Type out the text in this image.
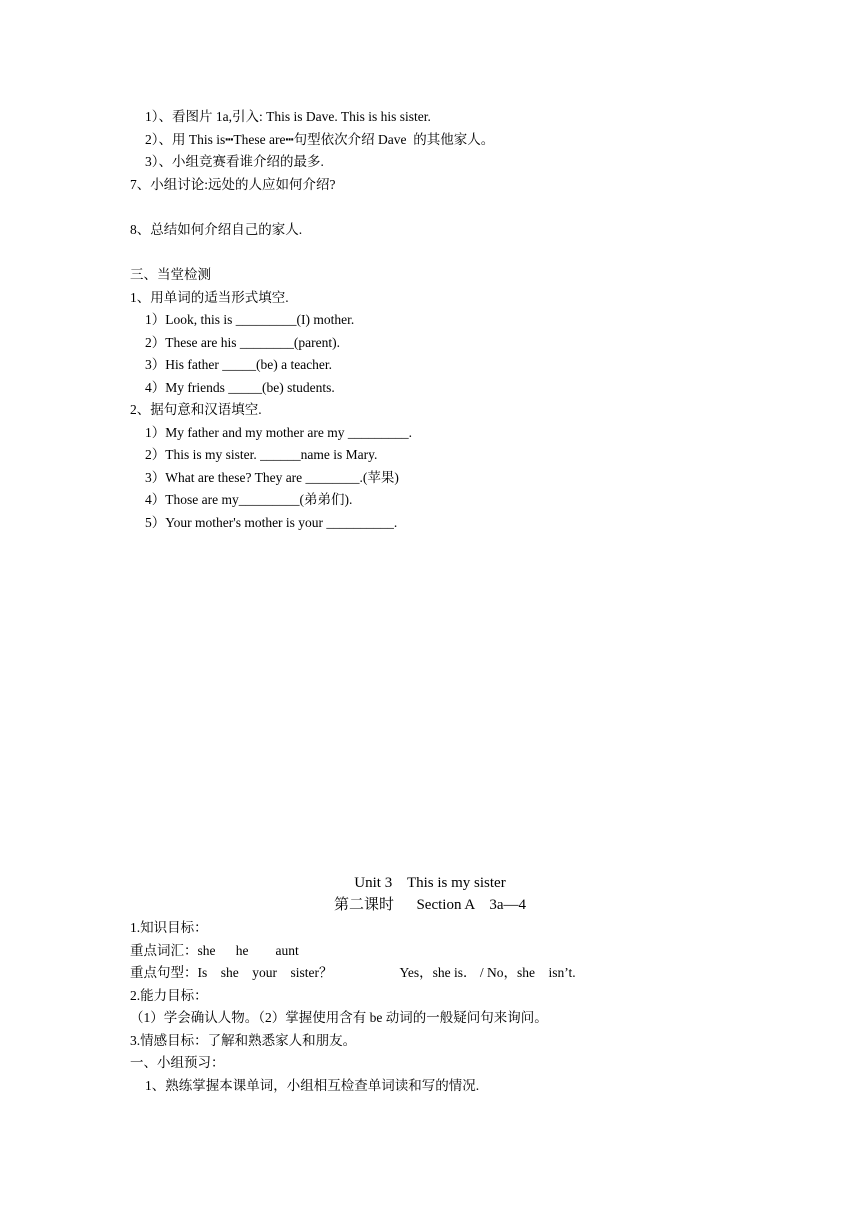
1）、看图片 1a,引入: This is Dave. This is his sister.
2）、用 This is┅These are┅句型依次介绍 Dave  的其他家人。
3）、小组竞赛看谁介绍的最多.
7、小组讨论:远处的人应如何介绍?
8、总结如何介绍自己的家人.
三、当堂检测
1、用单词的适当形式填空.
1）Look, this is _________(I) mother.
2）These are his ________(parent).
3）His father _____(be) a teacher.
4）My friends _____(be) students.
2、据句意和汉语填空.
1）My father and my mother are my _________.
2）This is my sister. ______name is Mary.
3）What are these? They are ________.(苹果)
4）Those are my_________(弟弟们).
5）Your mother's mother is your __________.
Unit 3    This is my sister
第二课时      Section A    3a—4
1.知识目标：
重点词汇：she      he        aunt
重点句型：Is    she    your    sister？                    Yes，she is． / No，she    isn’t.
2.能力目标：
（1）学会确认人物。（2）掌握使用含有 be 动词的一般疑问句来询问。
3.情感目标：了解和熟悉家人和朋友。
一、小组预习：
1、熟练掌握本课单词，小组相互检查单词读和写的情况.
